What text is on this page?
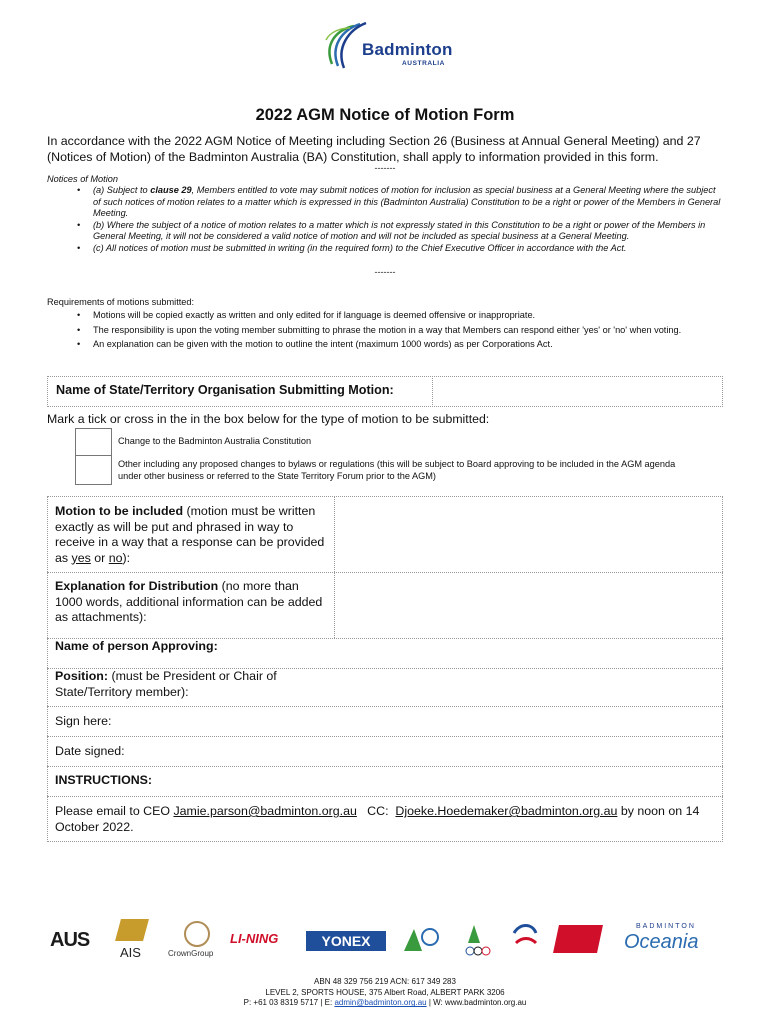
Badminton
AUSTRALIA
2022 AGM Notice of Motion Form
In accordance with the 2022 AGM Notice of Meeting including Section 26 (Business at Annual General Meeting) and 27 (Notices of Motion) of the Badminton Australia (BA) Constitution, shall apply to information provided in this form.
-------
Notices of Motion
• (a) Subject to clause 29, Members entitled to vote may submit notices of motion for inclusion as special business at a General Meeting where the subject of such notices of motion relates to a matter which is expressed in this (Badminton Australia) Constitution to be a right or power of the Members in General Meeting.
• (b) Where the subject of a notice of motion relates to a matter which is not expressly stated in this Constitution to be a right or power of the Members in General Meeting, it will not be considered a valid notice of motion and will not be included as special business at a General Meeting.
• (c) All notices of motion must be submitted in writing (in the required form) to the Chief Executive Officer in accordance with the Act.
-------
Requirements of motions submitted:
• Motions will be copied exactly as written and only edited for if language is deemed offensive or inappropriate.
• The responsibility is upon the voting member submitting to phrase the motion in a way that Members can respond either 'yes' or 'no' when voting.
• An explanation can be given with the motion to outline the intent (maximum 1000 words) as per Corporations Act.
Name of State/Territory Organisation Submitting Motion:
Mark a tick or cross in the in the box below for the type of motion to be submitted:
Change to the Badminton Australia Constitution
Other including any proposed changes to bylaws or regulations (this will be subject to Board approving to be included in the AGM agenda under other business or referred to the State Territory Forum prior to the AGM)
Motion to be included (motion must be written exactly as will be put and phrased in way to receive in a way that a response can be provided as yes or no):
Explanation for Distribution (no more than 1000 words, additional information can be added as attachments):
Name of person Approving:
Position: (must be President or Chair of State/Territory member):
Sign here:
Date signed:
INSTRUCTIONS:
Please email to CEO Jamie.parson@badminton.org.au   CC:  Djoeke.Hoedemaker@badminton.org.au by noon on 14 October 2022.
AUS
AIS	CrownGroup
LI-NING	YONEX
BADMINTON
Oceania
ABN 48 329 756 219 ACN: 617 349 283
LEVEL 2, SPORTS HOUSE, 375 Albert Road, ALBERT PARK 3206
P: +61 03 8319 5717 | E: admin@badminton.org.au | W: www.badminton.org.au
